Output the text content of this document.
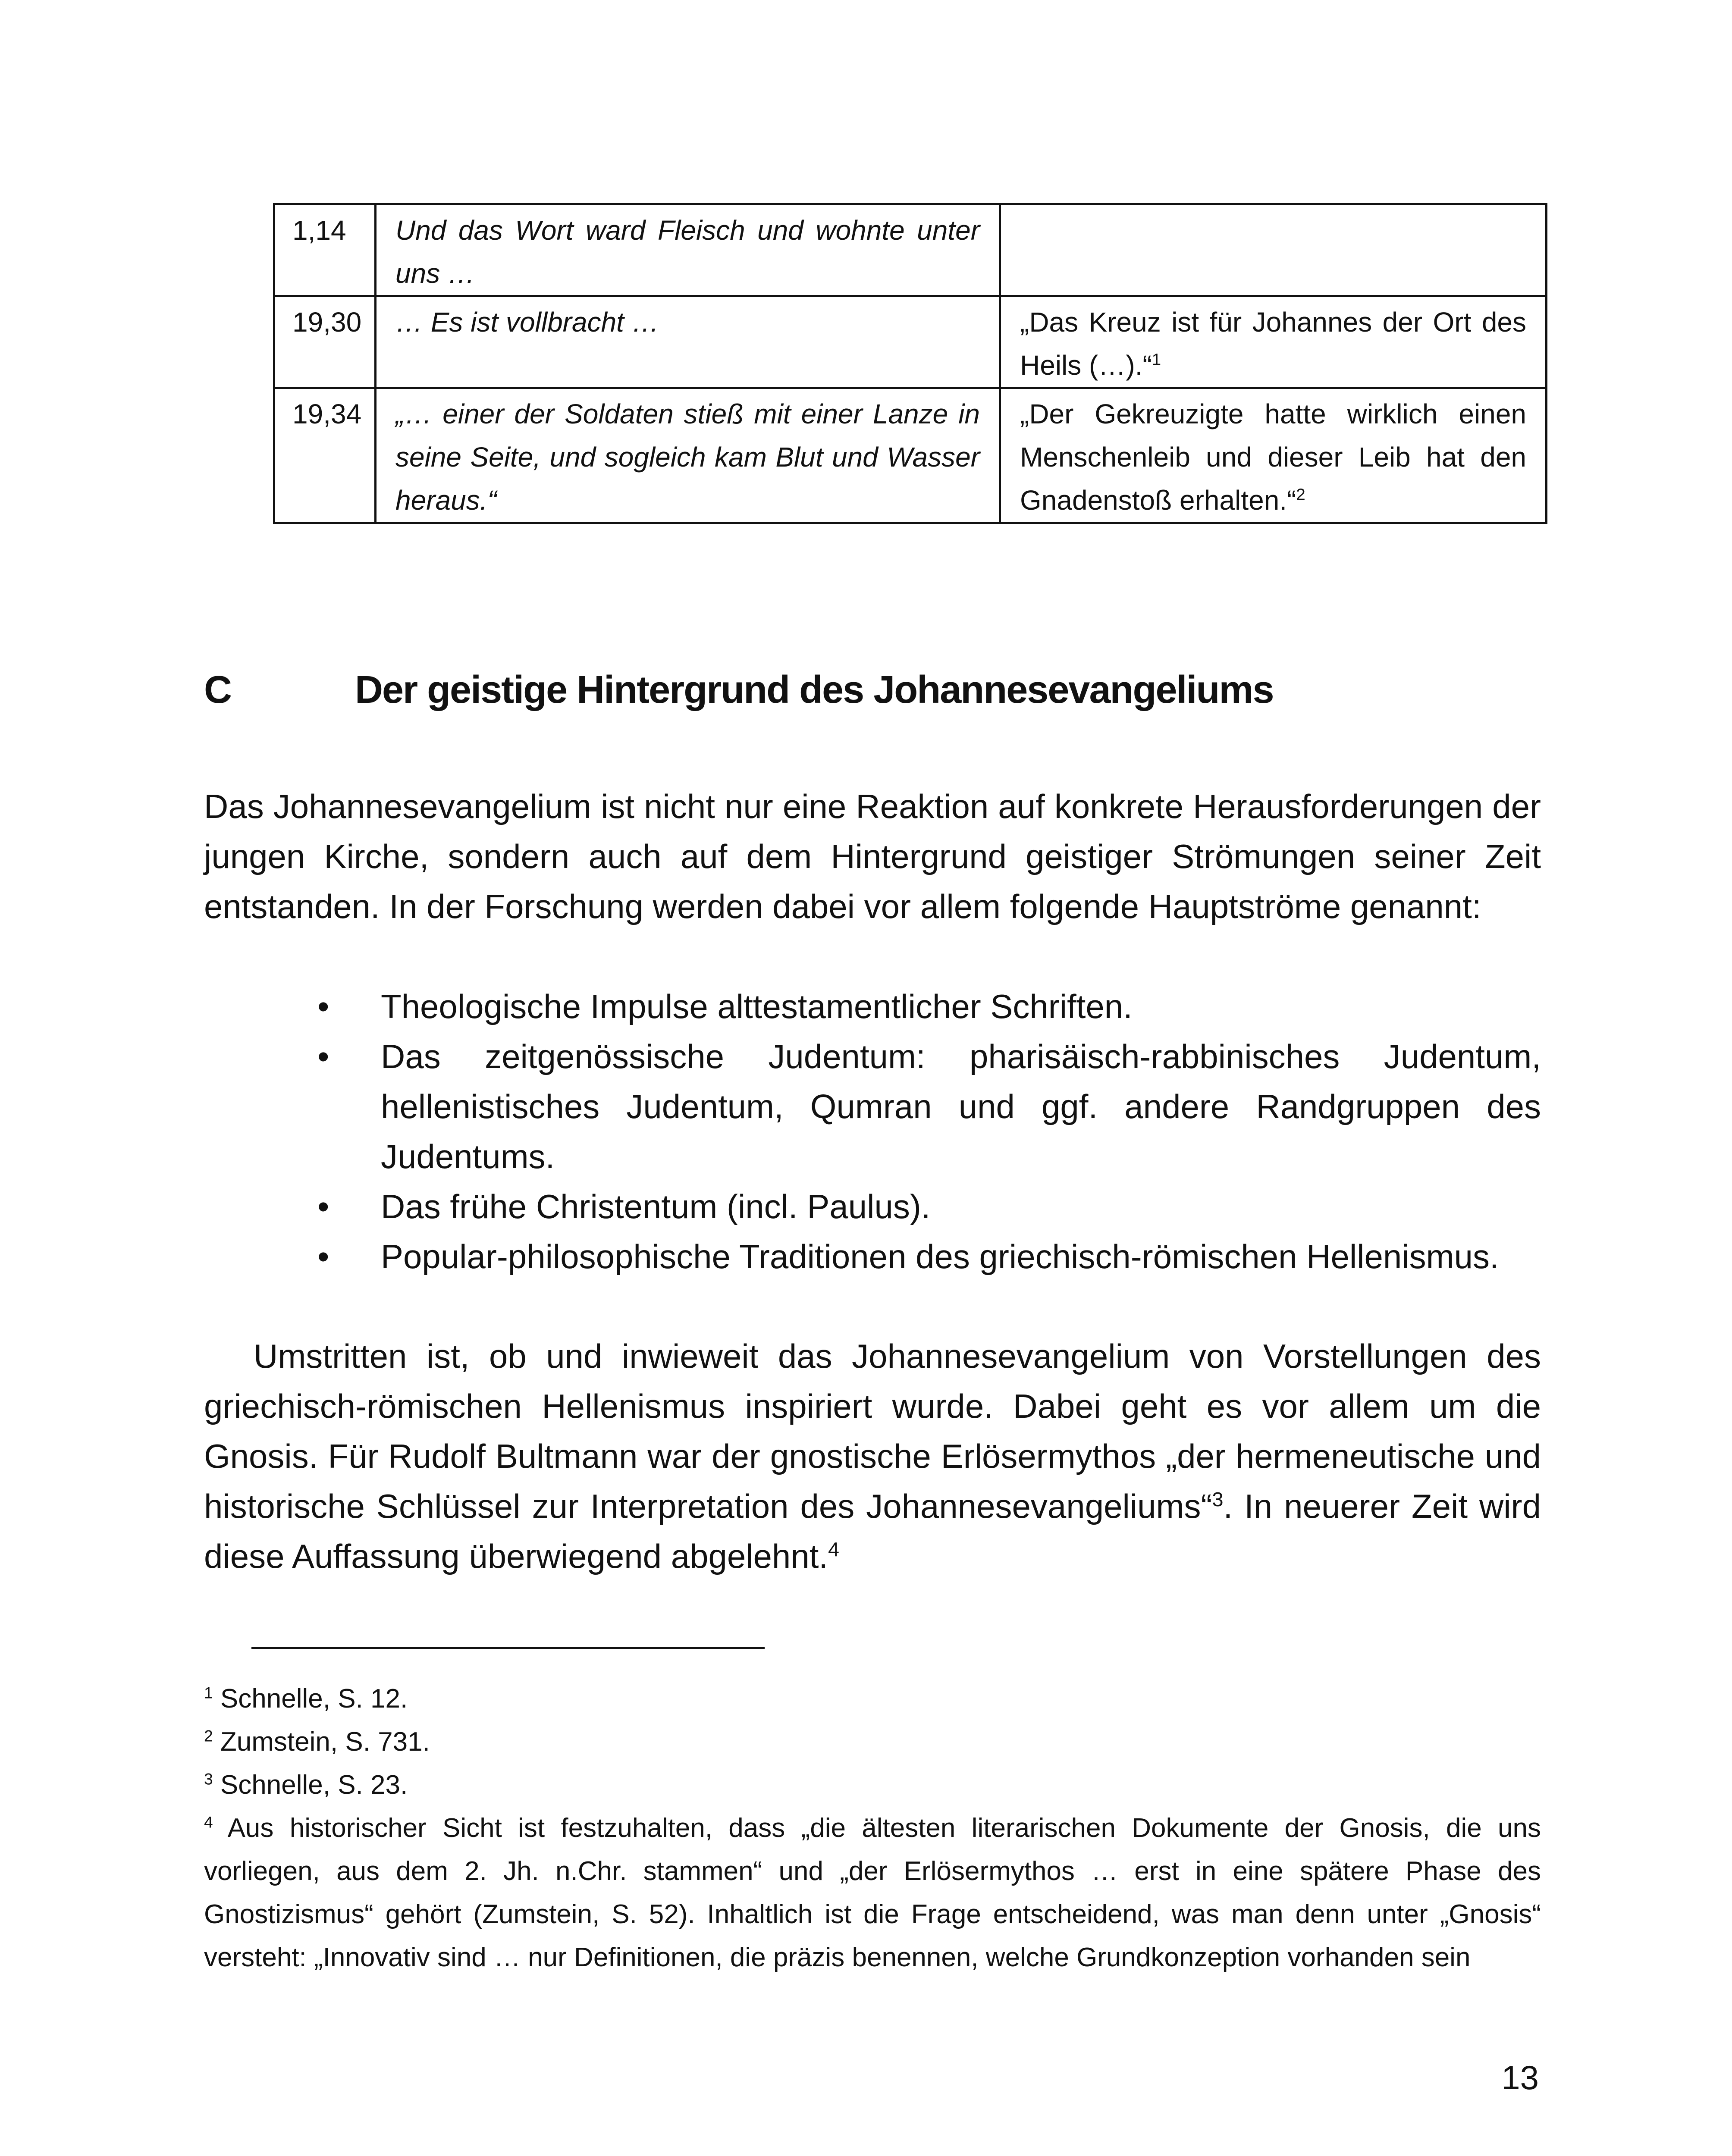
1,14	Und das Wort ward Fleisch und wohnte unter uns …	
19,30	… Es ist vollbracht …	„Das Kreuz ist für Johannes der Ort des Heils (…).“$^1$
19,34	„… einer der Soldaten stieß mit einer Lanze in seine Seite, und sogleich kam Blut und Wasser heraus.“	„Der Gekreuzigte hatte wirklich einen Menschenleib und dieser Leib hat den Gnadenstoß erhalten.“$^2$
C	Der geistige Hintergrund des Johannesevangeliums

Das Johannesevangelium ist nicht nur eine Reaktion auf konkrete Herausforderungen der jungen Kirche, sondern auch auf dem Hintergrund geistiger Strömungen seiner Zeit entstanden. In der Forschung werden dabei vor allem folgende Hauptströme genannt:

• Theologische Impulse alttestamentlicher Schriften.
• Das zeitgenössische Judentum: pharisäisch-rabbinisches Judentum, hellenistisches Judentum, Qumran und ggf. andere Randgruppen des Judentums.
• Das frühe Christentum (incl. Paulus).
• Popular-philosophische Traditionen des griechisch-römischen Hellenismus.

Umstritten ist, ob und inwieweit das Johannesevangelium von Vorstellungen des griechisch-römischen Hellenismus inspiriert wurde. Dabei geht es vor allem um die Gnosis. Für Rudolf Bultmann war der gnostische Erlösermythos „der hermeneutische und historische Schlüssel zur Interpretation des Johannesevangeliums“$^3$. In neuerer Zeit wird diese Auffassung überwiegend abgelehnt.$^4$

$^1$ Schnelle, S. 12.
$^2$ Zumstein, S. 731.
$^3$ Schnelle, S. 23.
$^4$ Aus historischer Sicht ist festzuhalten, dass „die ältesten literarischen Dokumente der Gnosis, die uns vorliegen, aus dem 2. Jh. n.Chr. stammen“ und „der Erlösermythos … erst in eine spätere Phase des Gnostizismus“ gehört (Zumstein, S. 52). Inhaltlich ist die Frage entscheidend, was man denn unter „Gnosis“ versteht: „Innovativ sind … nur Definitionen, die präzis benennen, welche Grundkonzeption vorhanden sein
13
